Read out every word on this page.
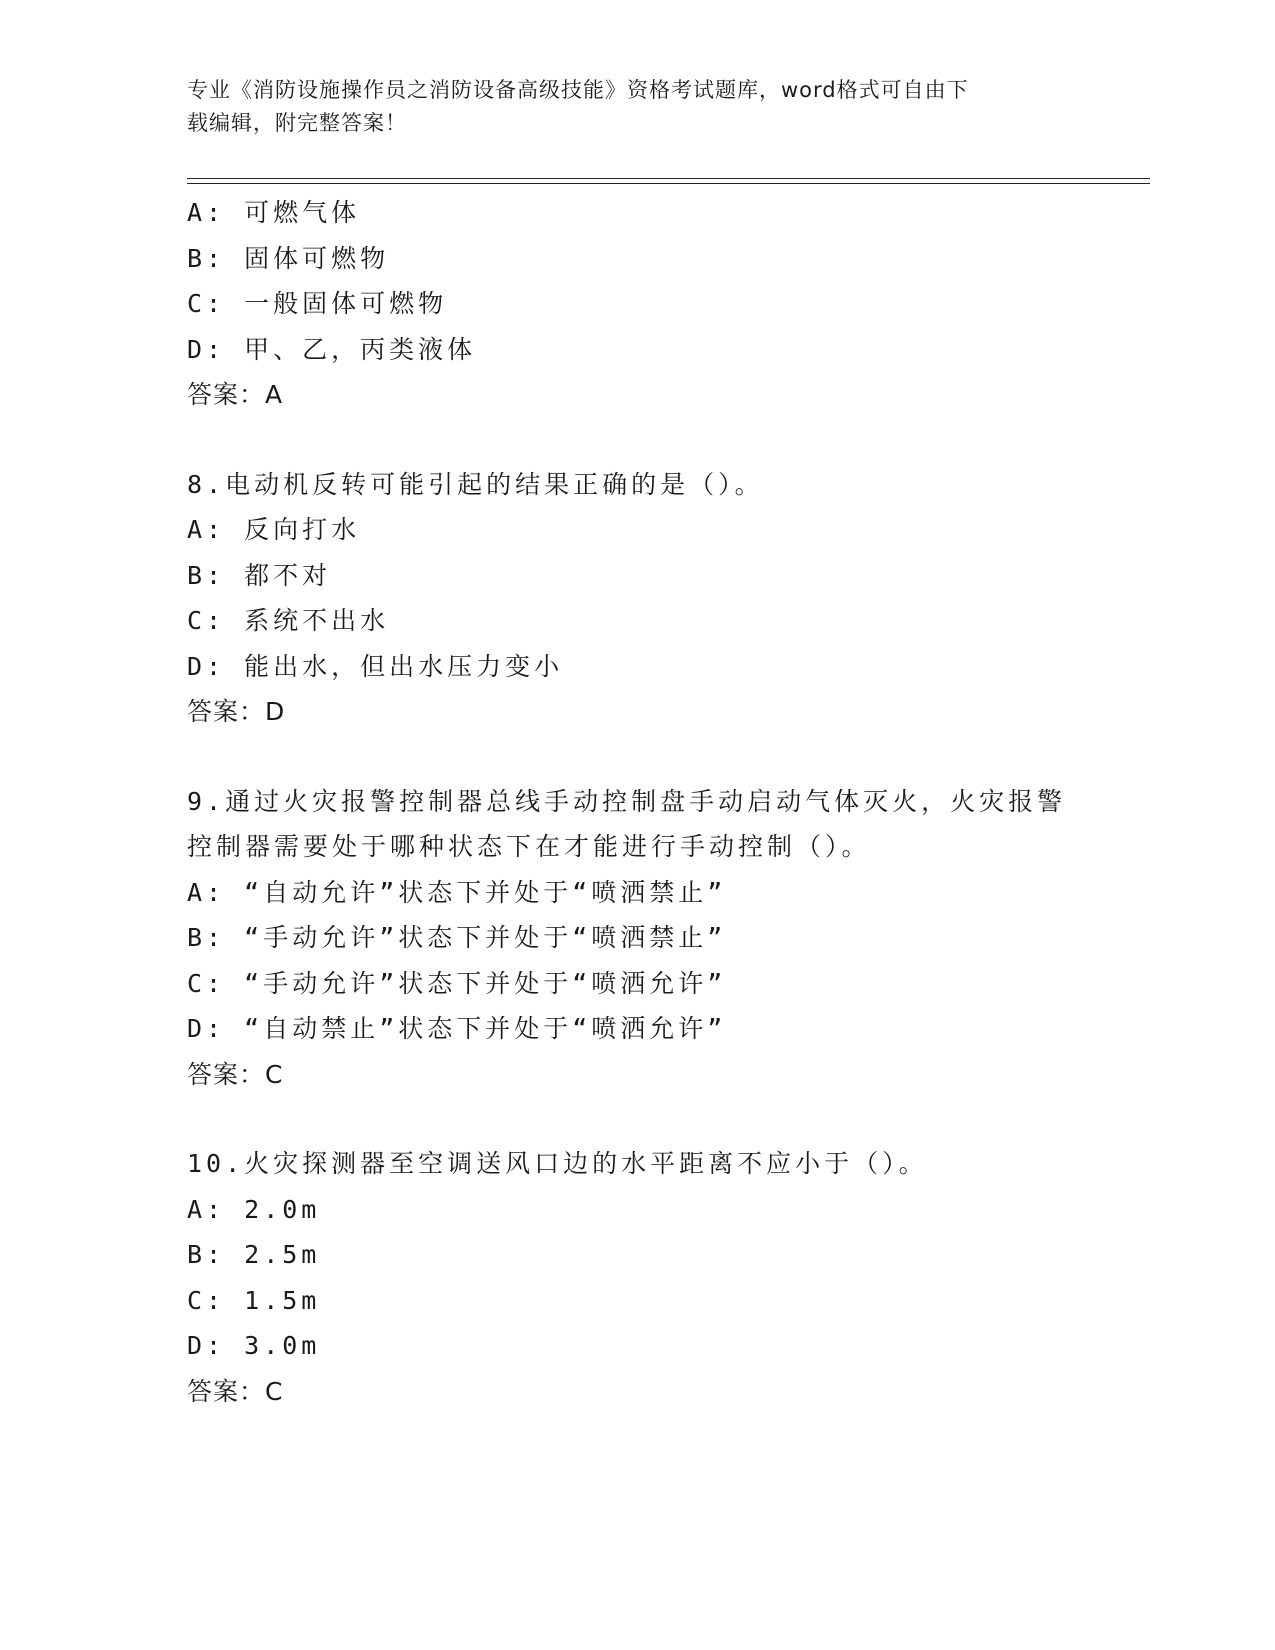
专业《消防设施操作员之消防设备高级技能》资格考试题库，word格式可自由下
载编辑，附完整答案！
A: 可燃气体
B: 固体可燃物
C: 一般固体可燃物
D: 甲、乙，丙类液体
答案：A
8.电动机反转可能引起的结果正确的是（）。
A: 反向打水
B: 都不对
C: 系统不出水
D: 能出水，但出水压力变小
答案：D
9.通过火灾报警控制器总线手动控制盘手动启动气体灭火，火灾报警
控制器需要处于哪种状态下在才能进行手动控制（）。
A: “自动允许”状态下并处于“喷洒禁止”
B: “手动允许”状态下并处于“喷洒禁止”
C: “手动允许”状态下并处于“喷洒允许”
D: “自动禁止”状态下并处于“喷洒允许”
答案：C
10.火灾探测器至空调送风口边的水平距离不应小于（）。
A: 2.0m
B: 2.5m
C: 1.5m
D: 3.0m
答案：C
